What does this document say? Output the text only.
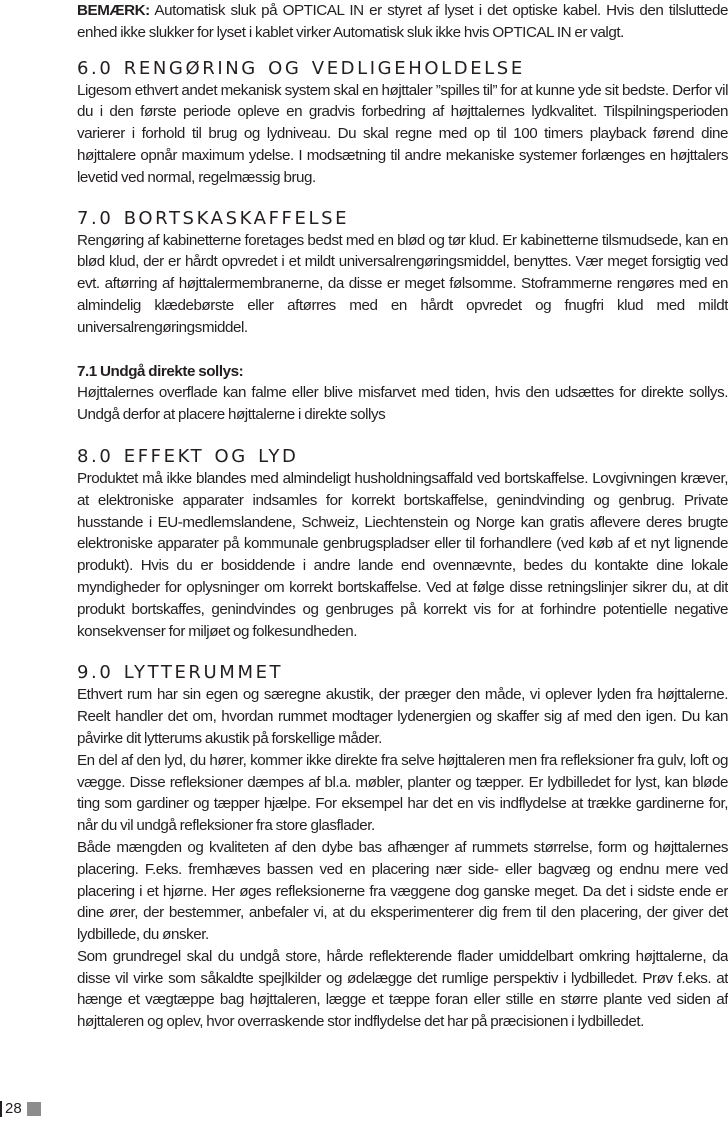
BEMÆRK: Automatisk sluk på OPTICAL IN er styret af lyset i det optiske kabel. Hvis den tilsluttede enhed ikke slukker for lyset i kablet virker Automatisk sluk ikke hvis OPTICAL IN er valgt.

6.0 RENGØRING OG VEDLIGEHOLDELSE

Ligesom ethvert andet mekanisk system skal en højttaler ”spilles til” for at kunne yde sit bedste. Derfor vil du i den første periode opleve en gradvis forbedring af højttalernes lydkvalitet. Tilspilningsperioden varierer i forhold til brug og lydniveau. Du skal regne med op til 100 timers playback førend dine højttalere opnår maximum ydelse. I modsætning til andre mekaniske systemer forlænges en højttalers levetid ved normal, regelmæssig brug.

7.0 BORTSKASKAFFELSE

Rengøring af kabinetterne foretages bedst med en blød og tør klud. Er kabinetterne tilsmudsede, kan en blød klud, der er hårdt opvredet i et mildt universalrengøringsmiddel, benyttes. Vær meget forsigtig ved evt. aftørring af højttalermembranerne, da disse er meget følsomme. Stoframmerne rengøres med en almindelig klædebørste eller aftørres med en hårdt opvredet og fnugfri klud med mildt universalrengøringsmiddel.

7.1 Undgå direkte sollys:

Højttalernes overflade kan falme eller blive misfarvet med tiden, hvis den udsættes for direkte sollys. Undgå derfor at placere højttalerne i direkte sollys

8.0 EFFEKT OG LYD

Produktet må ikke blandes med almindeligt husholdningsaffald ved bortskaffelse. Lovgivningen kræver, at elektroniske apparater indsamles for korrekt bortskaffelse, genindvinding og genbrug. Private husstande i EU-medlemslandene, Schweiz, Liechtenstein og Norge kan gratis aflevere deres brugte elektroniske apparater på kommunale genbrugspladser eller til forhandlere (ved køb af et nyt lignende produkt). Hvis du er bosiddende i andre lande end ovennævnte, bedes du kontakte dine lokale myndigheder for oplysninger om korrekt bortskaffelse. Ved at følge disse retningslinjer sikrer du, at dit produkt bortskaffes, genindvindes og genbruges på korrekt vis for at forhindre potentielle negative konsekvenser for miljøet og folkesundheden.

9.0 LYTTERUMMET

Ethvert rum har sin egen og særegne akustik, der præger den måde, vi oplever lyden fra højttalerne. Reelt handler det om, hvordan rummet modtager lydenergien og skaffer sig af med den igen. Du kan påvirke dit lytterums akustik på forskellige måder.

En del af den lyd, du hører, kommer ikke direkte fra selve højttaleren men fra refleksioner fra gulv, loft og vægge. Disse refleksioner dæmpes af bl.a. møbler, planter og tæpper. Er lydbilledet for lyst, kan bløde ting som gardiner og tæpper hjælpe. For eksempel har det en vis indflydelse at trække gardinerne for, når du vil undgå refleksioner fra store glasflader.

Både mængden og kvaliteten af den dybe bas afhænger af rummets størrelse, form og højttalernes placering. F.eks. fremhæves bassen ved en placering nær side- eller bagvæg og endnu mere ved placering i et hjørne. Her øges refleksionerne fra væggene dog ganske meget. Da det i sidste ende er dine ører, der bestemmer, anbefaler vi, at du eksperimenterer dig frem til den placering, der giver det lydbillede, du ønsker.

Som grundregel skal du undgå store, hårde reflekterende flader umiddelbart omkring højttalerne, da disse vil virke som såkaldte spejlkilder og ødelægge det rumlige perspektiv i lydbilledet. Prøv f.eks. at hænge et vægtæppe bag højttaleren, lægge et tæppe foran eller stille en større plante ved siden af højttaleren og oplev, hvor overraskende stor indflydelse det har på præcisionen i lydbilledet.

28
